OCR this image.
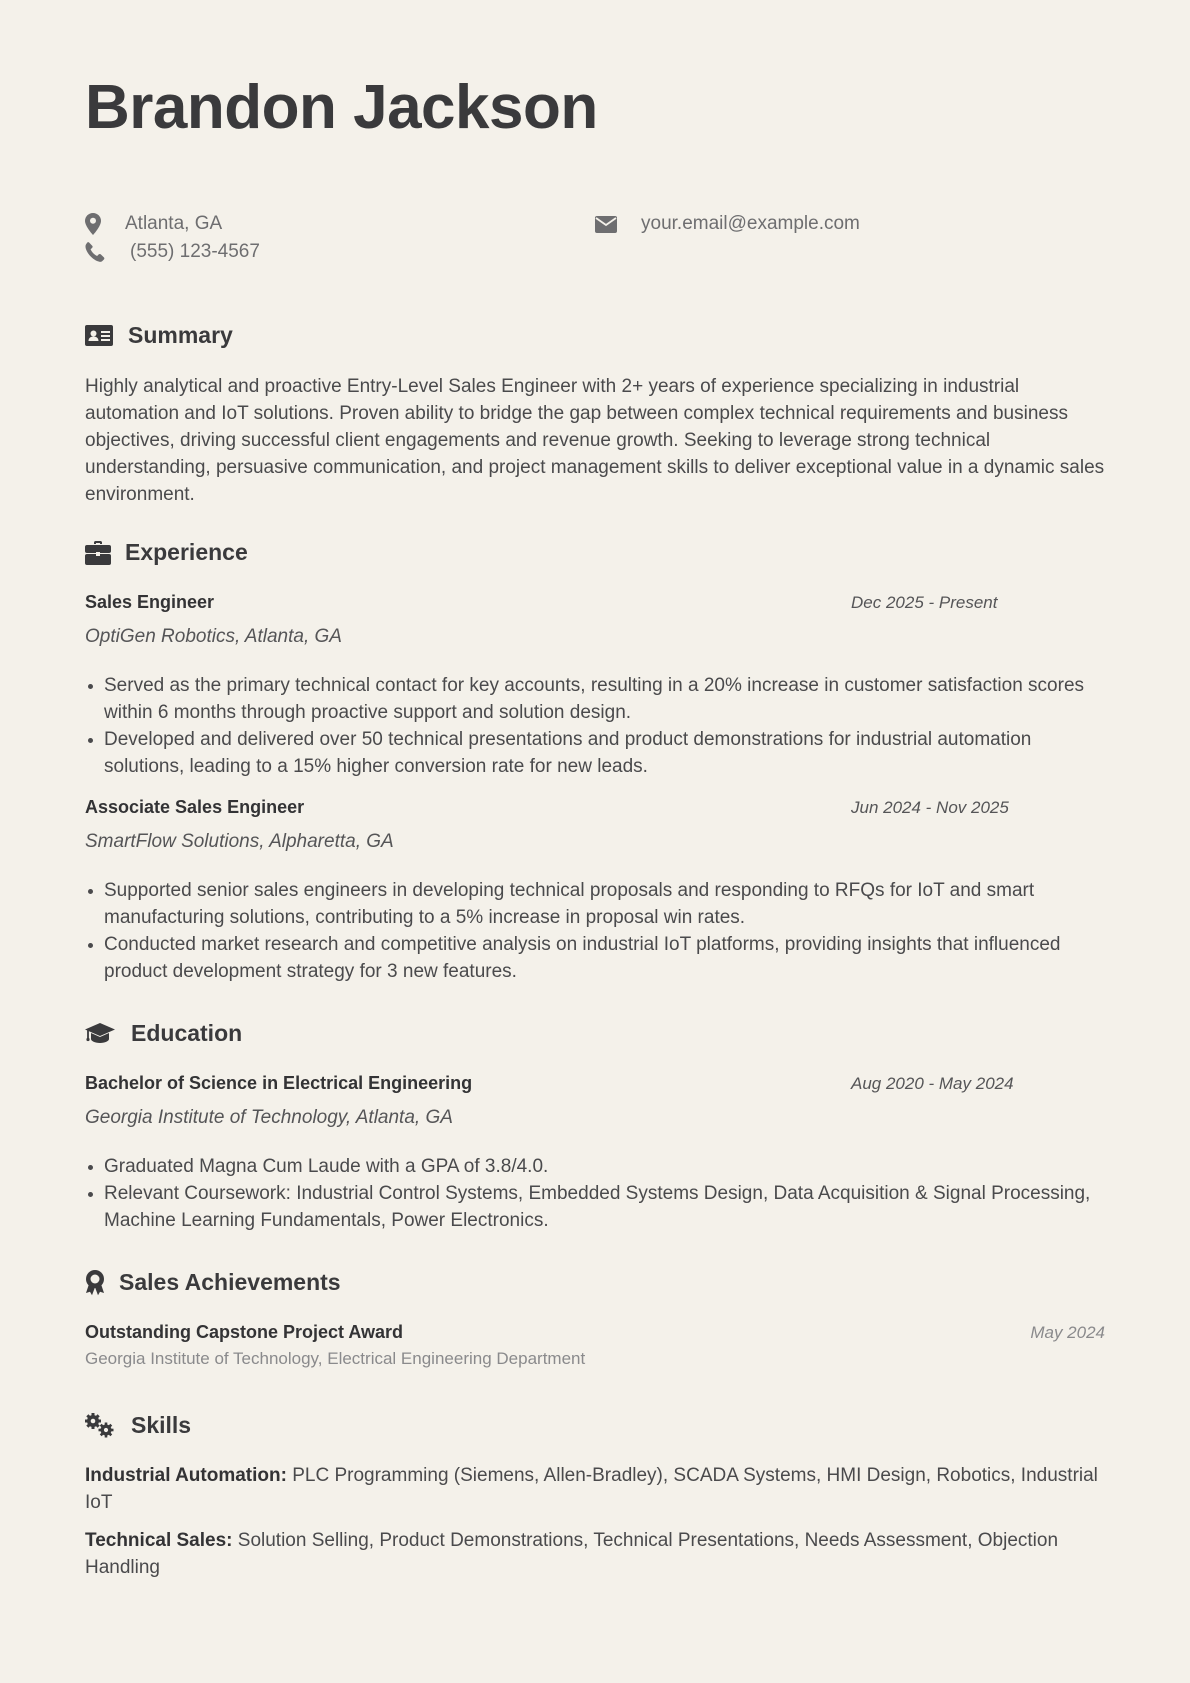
Brandon Jackson
Atlanta, GA
(555) 123-4567
your.email@example.com
Summary
Highly analytical and proactive Entry-Level Sales Engineer with 2+ years of experience specializing in industrial automation and IoT solutions. Proven ability to bridge the gap between complex technical requirements and business objectives, driving successful client engagements and revenue growth. Seeking to leverage strong technical understanding, persuasive communication, and project management skills to deliver exceptional value in a dynamic sales environment.
Experience
Sales Engineer	Dec 2025 - Present
OptiGen Robotics, Atlanta, GA
Served as the primary technical contact for key accounts, resulting in a 20% increase in customer satisfaction scores within 6 months through proactive support and solution design.
Developed and delivered over 50 technical presentations and product demonstrations for industrial automation solutions, leading to a 15% higher conversion rate for new leads.
Associate Sales Engineer	Jun 2024 - Nov 2025
SmartFlow Solutions, Alpharetta, GA
Supported senior sales engineers in developing technical proposals and responding to RFQs for IoT and smart manufacturing solutions, contributing to a 5% increase in proposal win rates.
Conducted market research and competitive analysis on industrial IoT platforms, providing insights that influenced product development strategy for 3 new features.
Education
Bachelor of Science in Electrical Engineering	Aug 2020 - May 2024
Georgia Institute of Technology, Atlanta, GA
Graduated Magna Cum Laude with a GPA of 3.8/4.0.
Relevant Coursework: Industrial Control Systems, Embedded Systems Design, Data Acquisition & Signal Processing, Machine Learning Fundamentals, Power Electronics.
Sales Achievements
Outstanding Capstone Project Award	May 2024
Georgia Institute of Technology, Electrical Engineering Department
Skills
Industrial Automation: PLC Programming (Siemens, Allen-Bradley), SCADA Systems, HMI Design, Robotics, Industrial IoT
Technical Sales: Solution Selling, Product Demonstrations, Technical Presentations, Needs Assessment, Objection Handling
